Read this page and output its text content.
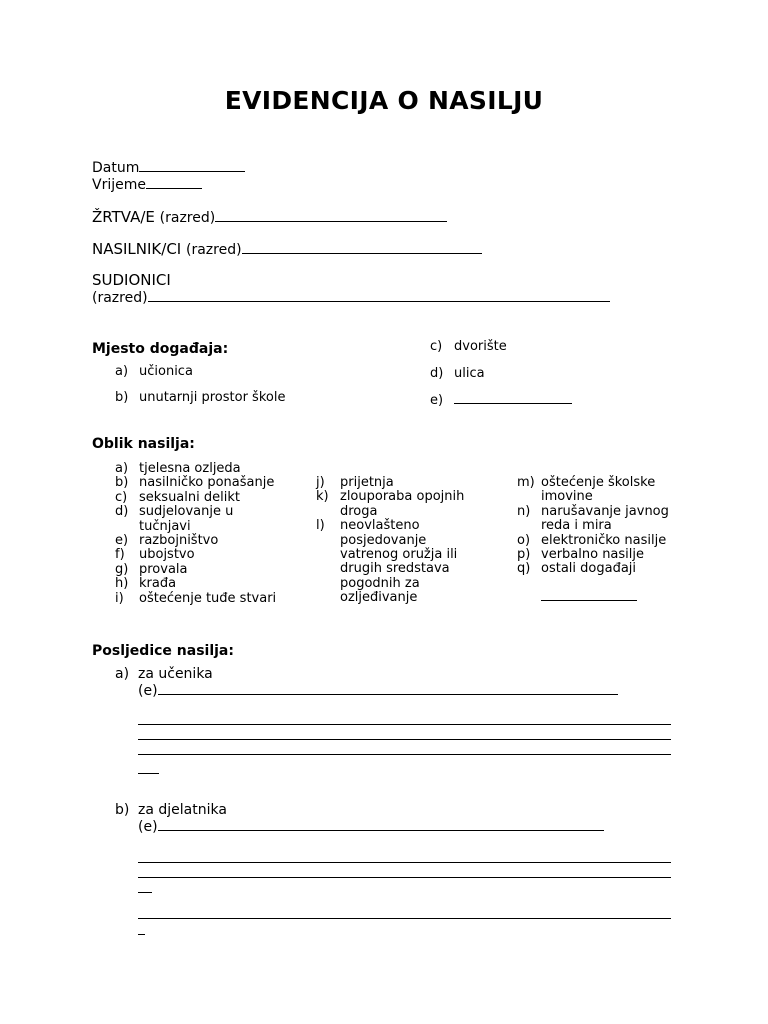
EVIDENCIJA O NASILJU
Datum
Vrijeme
ŽRTVA/E (razred)
NASILNIK/CI (razred)
SUDIONICI
(razred)
Mjesto događaja:
a) učionica
b) unutarnji prostor škole
c) dvorište
d) ulica
e)
Oblik nasilja:
a) tjelesna ozljeda
b) nasilničko ponašanje
c) seksualni delikt
d) sudjelovanje u
tučnjavi
e) razbojništvo
f)	ubojstvo
g) provala
h) krađa
i)	oštećenje tuđe stvari
j)	prijetnja
k) zlouporaba opojnih
droga
l)	neovlašteno
posjedovanje
vatrenog oružja ili
drugih sredstava
pogodnih za
ozljeđivanje
m) oštećenje školske
imovine
n) narušavanje javnog
reda i mira
o) elektroničko nasilje
p) verbalno nasilje
q) ostali događaji
Posljedice nasilja:
a) za učenika
(e)
b) za djelatnika
(e)
